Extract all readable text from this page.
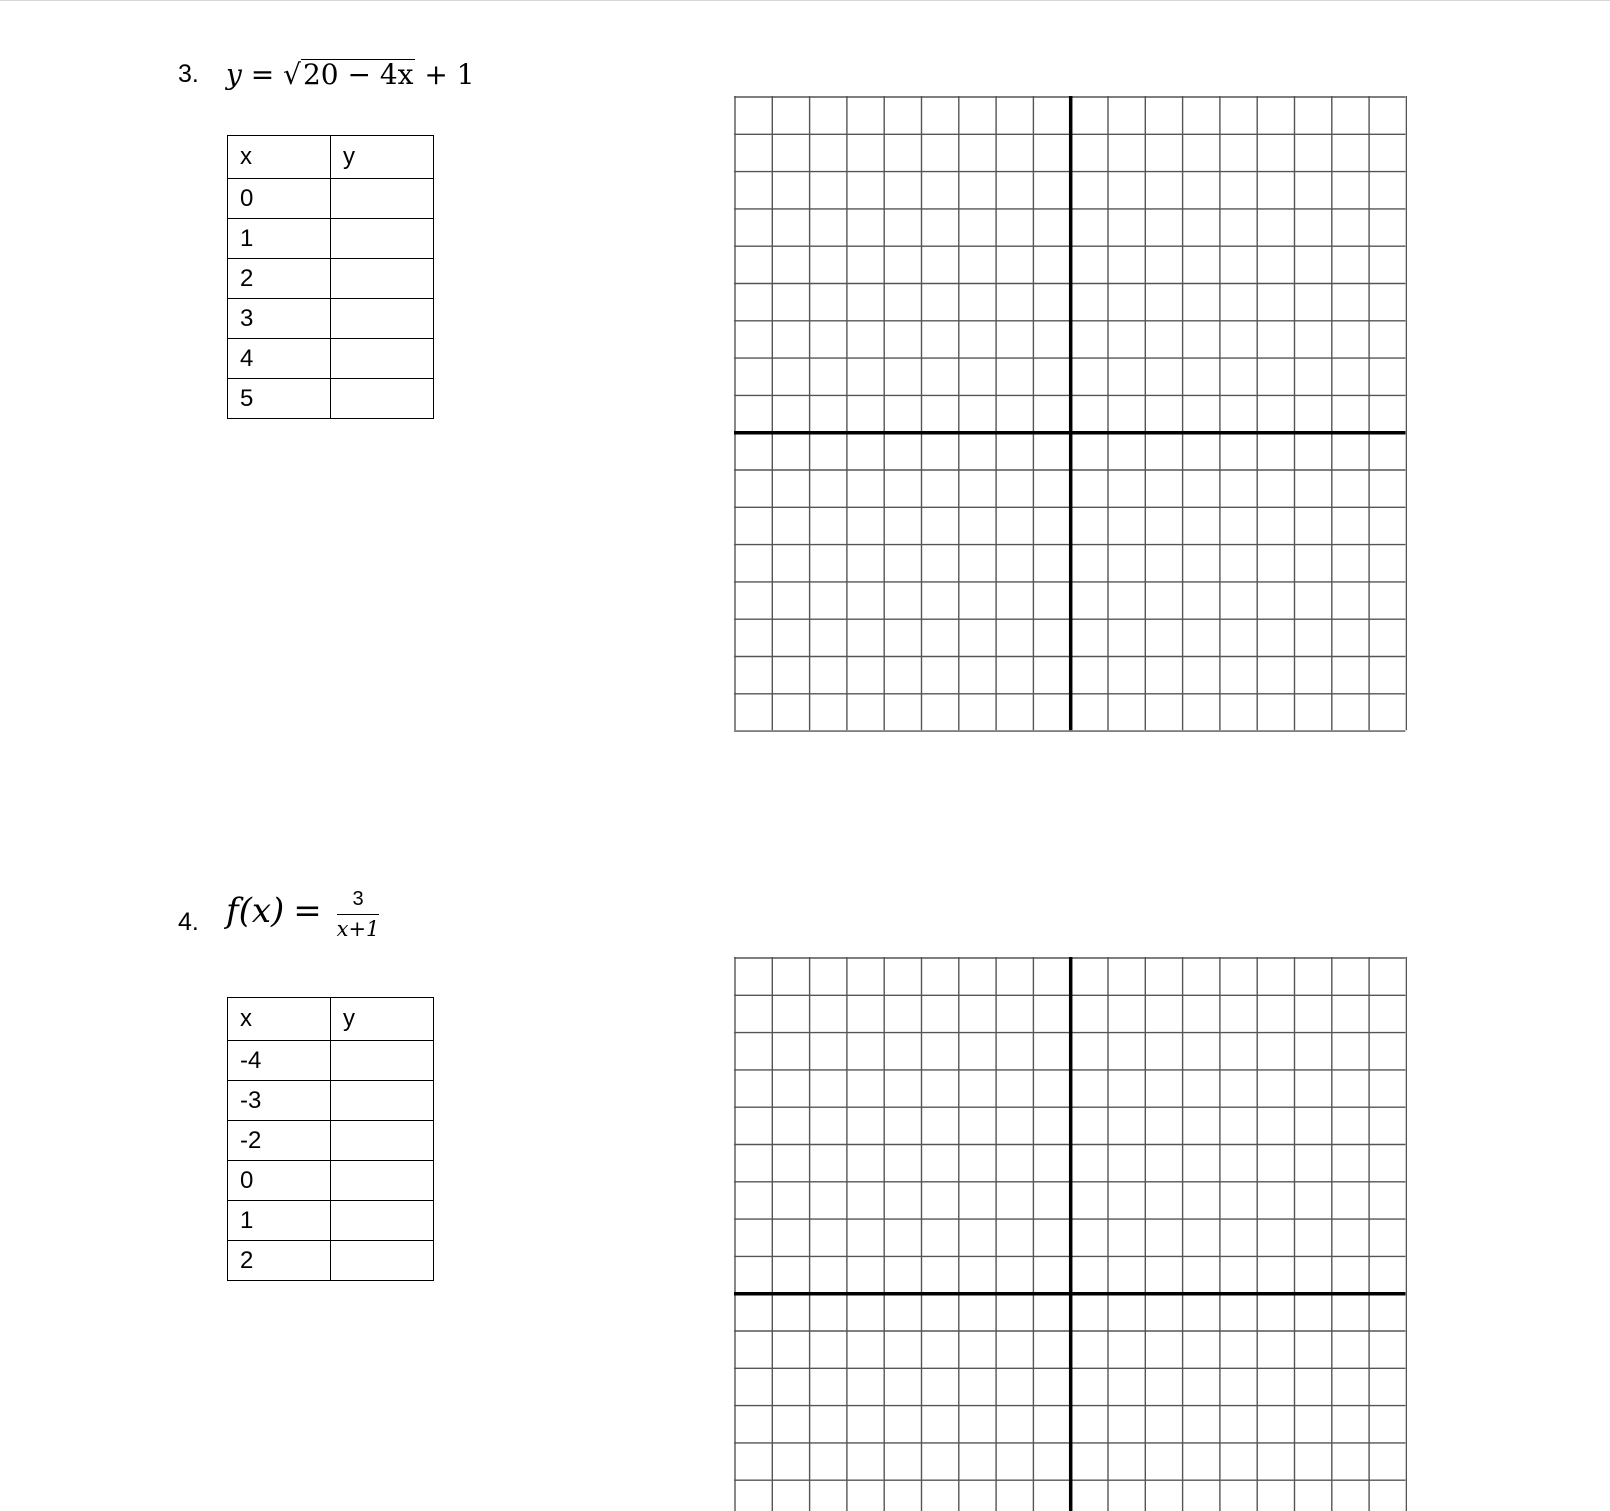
3. y = √20 − 4x + 1
x	y
0	
1	
2	
3	
4	
5	
4. $f(x) = \frac{3}{x+1}$
x	y
-4	
-3	
-2	
0	
1	
2	
